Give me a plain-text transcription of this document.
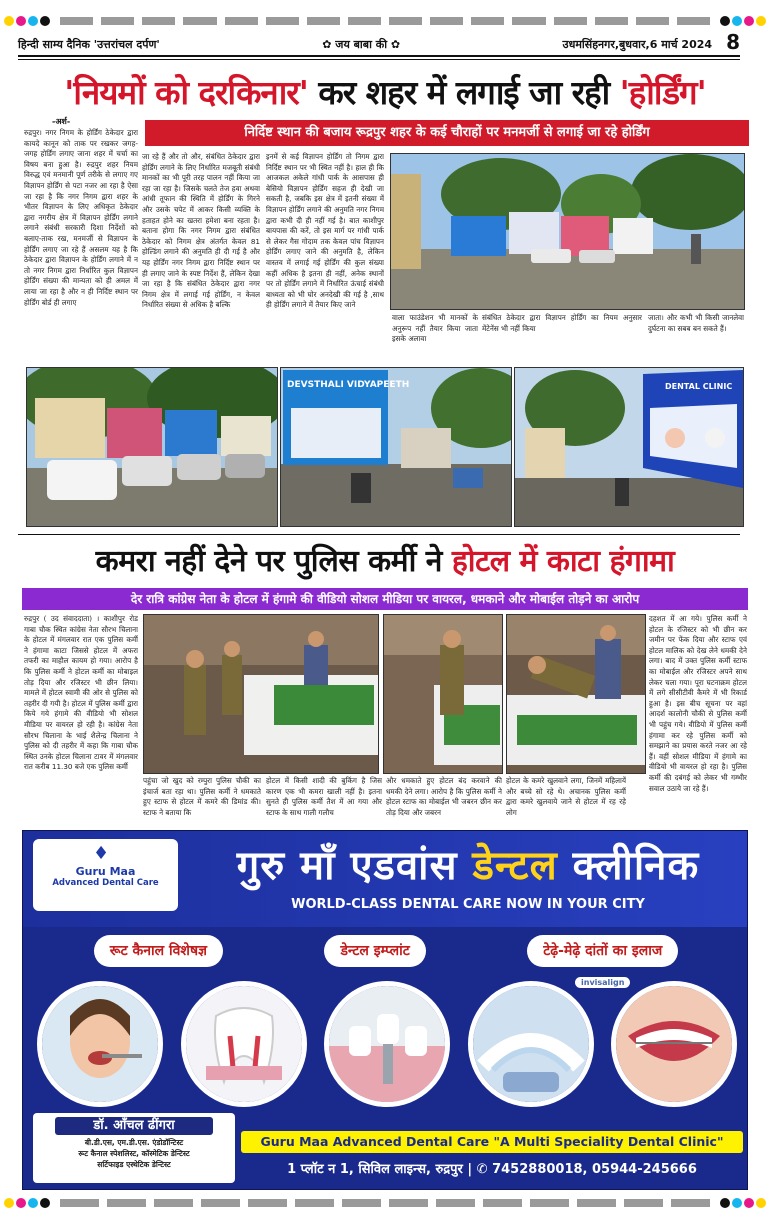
हिन्दी साम्य दैनिक 'उत्तरांचल दर्पण'	✿ जय बाबा की ✿	उधमसिंहनगर,बुधवार,6 मार्च 2024 8
'नियमों को दरकिनार' कर शहर में लगाई जा रही 'होर्डिंग'
-अर्श-
निर्दिष्ट स्थान की बजाय रूद्रपुर शहर के कई चौराहों पर मनमर्जी से लगाई जा रहे होर्डिंग
रुद्रपुर। नगर निगम के होर्डिंग ठेकेदार द्वारा कायदे कानून को ताक पर रखकर जगह-जगह होर्डिंग लगाए जाना शहर में चर्चा का विषय बना हुआ है। रुद्रपुर शहर नियम विरुद्ध एवं मनमानी पूर्ण तरीके से लगाए गए विज्ञापन होर्डिंग से पटा नजर आ रहा है ऐसा जा रहा है कि नगर निगम द्वारा शहर के भीतर विज्ञापन के लिए अधिकृत ठेकेदार द्वारा नगरीय क्षेत्र में विज्ञापन होर्डिंग लगाने लगाने संबंधी सरकारी दिशा निर्देशों को बलाए-ताक रख, मनमर्जी से विज्ञापन के होर्डिंग लगाए जा रहे हैं असलम यह है कि ठेकेदार द्वारा विज्ञापन के होर्डिंग लगाने में न तो नगर निगम द्वारा निर्धारित कुल विज्ञापन होर्डिंग संख्या की मान्यता को ही अमल में लाया जा रहा है और न ही निर्दिष्ट स्थान पर होर्डिंग बोर्ड ही लगाए
जा रहे हैं और तो और, संबंधित ठेकेदार द्वारा होर्डिंग लगाने के लिए निर्धारित मजबूती संबंधी मानकों का भी पूरी तरह पालन नहीं किया जा रहा जा रहा है। जिसके चलते तेज हवा अथवा आंधी तूफान की स्थिति में होर्डिंग के गिरने और उसके चपेट में आकर किसी व्यक्ति के हताहत होने का खतरा हमेशा बना रहता है। बताना होगा कि नगर निगम द्वारा संबंधित ठेकेदार को निगम क्षेत्र अंतर्गत केवल 81 होल्डिंग लगाने की अनुमति ही दी गई है और यह होर्डिंग नगर निगम द्वारा निर्दिष्ट स्थान पर ही लगाए जाने के स्पष्ट निर्देश हैं, लेकिन देखा जा रहा है कि संबंधित ठेकेदार द्वारा नगर निगम क्षेत्र में लगाई गई होर्डिंग, न केवल निर्धारित संख्या से अधिक है बल्कि
इनमें से कई विज्ञापन होर्डिंग तो निगम द्वारा निर्दिष्ट स्थान पर भी स्थित नहीं है। हाल ही कि आजकल अकेले गांधी पार्क के आसपास ही बेसियो विज्ञापन होर्डिंग सहज ही देखी जा सकती है, जबकि इस क्षेत्र में इतनी संख्या में विज्ञापन होर्डिंग लगाने की अनुमति नगर निगम द्वारा कभी दी ही नहीं गई है। बात काशीपुर बायपास की करें, तो इस मार्ग पर गांधी पार्क से लेकर गैस गोदाम तक केवल पांच विज्ञापन होर्डिंग लगाए जाने की अनुमति है, लेकिन वास्तव में लगाई गई होर्डिंग की कुल संख्या कहीं अधिक है इतना ही नहीं, अनेक स्थानों पर तो होर्डिंग लगाने में निर्धारित ऊंचाई संबंधी बाध्यता को भी घोर अनदेखी की गई है ,साथ ही होर्डिंग लगाने में तैयार किए जाने
वाला फाउंडेशन भी मानकों के अनुरूप नहीं तैयार किया जाता इसके अलावा
संबंधित ठेकेदार द्वारा विज्ञापन होर्डिंग का नियम अनुसार मेंटेनेंस भी नहीं किया
जाता। और कभी भी किसी जानलेवा दुर्घटना का सबब बन सकते हैं।
DEVSTHALI VIDYAPEETH	DENTAL CLINIC
कमरा नहीं देने पर पुलिस कर्मी ने होटल में काटा हंगामा
देर रात्रि कांग्रेस नेता के होटल में हंगामे की वीडियो सोशल मीडिया पर वायरल, धमकाने और मोबाईल तोड़ने का आरोप
रुद्रपुर ( उद संवाददाता) । काशीपुर रोड गाबा चौक स्थित कांग्रेस नेता सौरभ चिलाना के होटल में मंगलवार रात एक पुलिस कर्मी ने हंगामा काटा जिससे होटल में अफरा तफरी का माहौल कायम हो गया। आरोप है कि पुलिस कर्मी ने होटल कर्मी का मोबाइल तोड़ दिया और रजिस्टर भी छीन लिया। मामले में होटल स्वामी की ओर से पुलिस को तहरीर दी गयी है। होटल में पुलिस कर्मी द्वारा किये गये हंगामे की वीडियो भी सोशल मीडिया पर वायरल हो रही है। कांग्रेस नेता सौरभ चिलाना के भाई शैलेन्द्र चिलाना ने पुलिस को दी तहरीर में कहा कि गाबा चौक स्थित उनके होटल चिलाना टावर में मंगलवार रात करीब 11.30 बजे एक पुलिस कर्मी
पहुंचा जो खुद को रम्पुरा पुलिस चौकी का इंचार्ज बता रहा था। पुलिस कर्मी ने धमकाते हुए स्टाफ से होटल में कमरे की डिमांड की। स्टाफ ने बताया कि
होटल में किसी शादी की बुकिंग है जिस कारण एक भी कमरा खाली नहीं है। इतना सुनते ही पुलिस कर्मी तैश में आ गया और स्टाफ के साथ गाली गलौच
और धमकाते हुए होटल बंद करवाने की धमकी देने लगा। आरोप है कि पुलिस कर्मी ने होटल स्टाफ का मोबाईल भी जबरन छीन कर तोड़ दिया और जबरन
होटल के कमरे खुलवाने लगा, जिनमें महिलायें और बच्चे सो रहे थे। अचानक पुलिस कर्मी द्वारा कमरे खुलवाये जाने से होटल में रह रहे लोग
दहशत में आ गये। पुलिस कर्मी ने होटल के रजिस्टर को भी छीन कर जमीन पर फेंक दिया और स्टाफ एवं होटल मालिक को देख लेने धमकी देने लगा। बाद में उक्त पुलिस कर्मी स्टाफ का मोबाईल और रजिस्टर अपने साथ लेकर चला गया। पूरा घटनाक्रम होटल में लगे सीसीटीवी कैमरे में भी रिकार्ड हुआ है। इस बीच सूचना पर वहां आदर्श कालोनी चौकी से पुलिस कर्मी भी पहुंच गये। वीडियो में पुलिस कर्मी हंगामा कर रहे पुलिस कर्मी को समझाने का प्रयास करते नजर आ रहे हैं। वहीं सोशल मीडिया में हंगामे का वीडियो भी वायरल हो रहा है। पुलिस कर्मी की दबंगई को लेकर भी गम्भीर सवाल उठाये जा रहे हैं।
♦
Guru Maa
Advanced Dental Care	गुरु माँ एडवांस डेन्टल क्लीनिक
WORLD-CLASS DENTAL CARE NOW IN YOUR CITY
रूट कैनाल विशेषज्ञ	डेन्टल इम्प्लांट	टेढ़े-मेढ़े दांतों का इलाज
invisalign
डॉ. आँचल ढींगरा
बी.डी.एस, एम.डी.एस. एंडोडॉन्टिस्ट
रूट कैनाल स्पेशलिस्ट, कॉस्मेटिक डेन्टिस्ट
सर्टिफाइड एस्थेटिक डेन्टिस्ट
Guru Maa Advanced Dental Care "A Multi Speciality Dental Clinic"
1 प्लॉट न 1, सिविल लाइन्स, रुद्रपुर | ✆ 7452880018, 05944-245666
